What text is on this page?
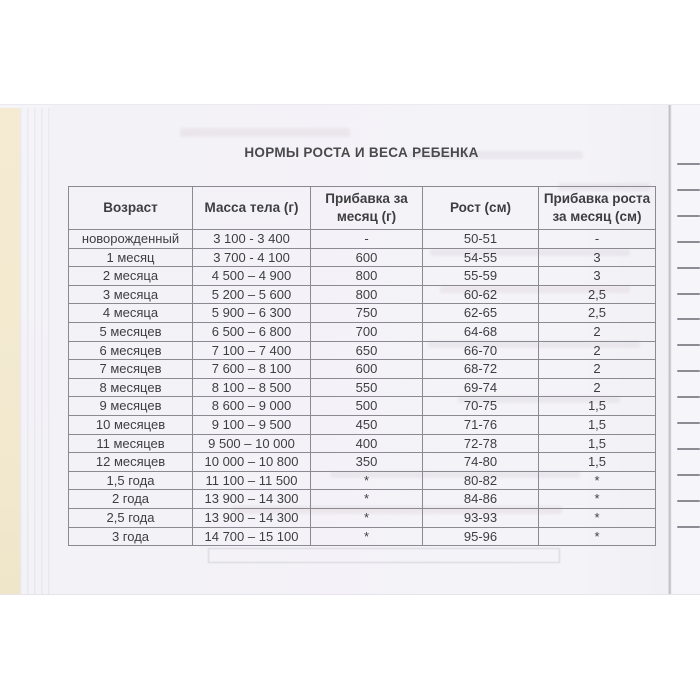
НОРМЫ РОСТА И ВЕСА РЕБЕНКА
Возраст	Масса тела (г)	Прибавка за месяц (г)	Рост (см)	Прибавка роста за месяц (см)
новорожденный	3 100 - 3 400	-	50-51	-
1 месяц	3 700 - 4 100	600	54-55	3
2 месяца	4 500 – 4 900	800	55-59	3
3 месяца	5 200 – 5 600	800	60-62	2,5
4 месяца	5 900 – 6 300	750	62-65	2,5
5 месяцев	6 500 – 6 800	700	64-68	2
6 месяцев	7 100 – 7 400	650	66-70	2
7 месяцев	7 600 – 8 100	600	68-72	2
8 месяцев	8 100 – 8 500	550	69-74	2
9 месяцев	8 600 – 9 000	500	70-75	1,5
10 месяцев	9 100 – 9 500	450	71-76	1,5
11 месяцев	9 500 – 10 000	400	72-78	1,5
12 месяцев	10 000 – 10 800	350	74-80	1,5
1,5 года	11 100 – 11 500	*	80-82	*
2 года	13 900 – 14 300	*	84-86	*
2,5 года	13 900 – 14 300	*	93-93	*
3 года	14 700 – 15 100	*	95-96	*
